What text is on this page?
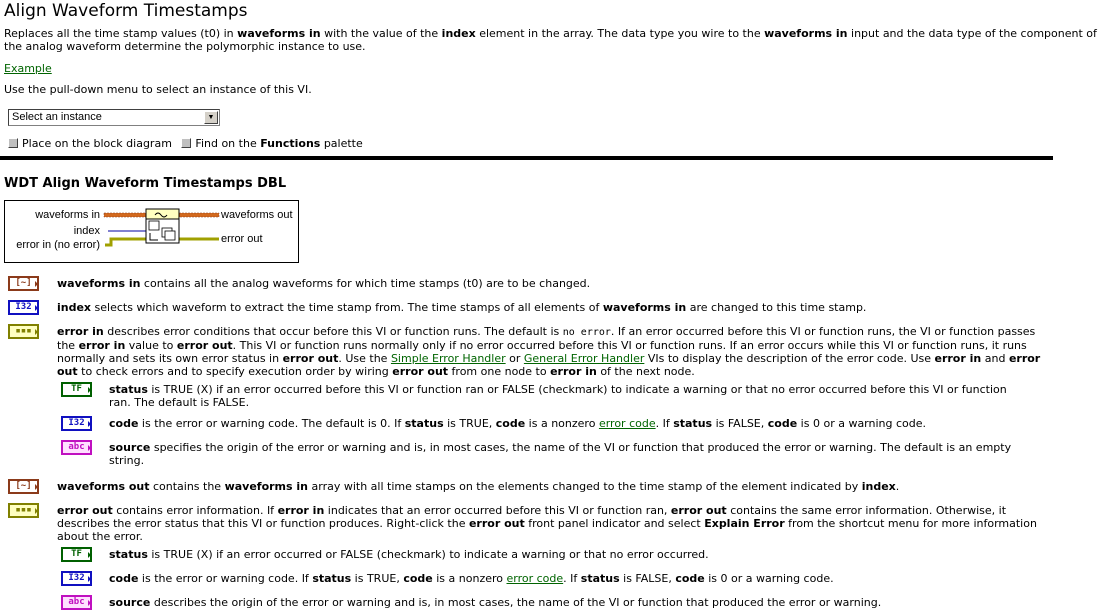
Align Waveform Timestamps
Replaces all the time stamp values (t0) in waveforms in with the value of the index element in the array. The data type you wire to the waveforms in input and the data type of the component of the analog waveform determine the polymorphic instance to use.
Example
Use the pull-down menu to select an instance of this VI.
Select an instance	▼
Place on the block diagram Find on the Functions palette
WDT Align Waveform Timestamps DBL
waveforms in
index
error in (no error)
waveforms out
error out
[~]	waveforms in contains all the analog waveforms for which time stamps (t0) are to be changed.
I32	index selects which waveform to extract the time stamp from. The time stamps of all elements of waveforms in are changed to this time stamp.
▪▪▪	error in describes error conditions that occur before this VI or function runs. The default is no error. If an error occurred before this VI or function runs, the VI or function passes the error in value to error out. This VI or function runs normally only if no error occurred before this VI or function runs. If an error occurs while this VI or function runs, it runs normally and sets its own error status in error out. Use the Simple Error Handler or General Error Handler VIs to display the description of the error code. Use error in and error out to check errors and to specify execution order by wiring error out from one node to error in of the next node.
TF	status is TRUE (X) if an error occurred before this VI or function ran or FALSE (checkmark) to indicate a warning or that no error occurred before this VI or function ran. The default is FALSE.
I32	code is the error or warning code. The default is 0. If status is TRUE, code is a nonzero error code. If status is FALSE, code is 0 or a warning code.
abc	source specifies the origin of the error or warning and is, in most cases, the name of the VI or function that produced the error or warning. The default is an empty string.
[~]	waveforms out contains the waveforms in array with all time stamps on the elements changed to the time stamp of the element indicated by index.
▪▪▪	error out contains error information. If error in indicates that an error occurred before this VI or function ran, error out contains the same error information. Otherwise, it describes the error status that this VI or function produces. Right-click the error out front panel indicator and select Explain Error from the shortcut menu for more information about the error.
TF	status is TRUE (X) if an error occurred or FALSE (checkmark) to indicate a warning or that no error occurred.
I32	code is the error or warning code. If status is TRUE, code is a nonzero error code. If status is FALSE, code is 0 or a warning code.
abc	source describes the origin of the error or warning and is, in most cases, the name of the VI or function that produced the error or warning.
